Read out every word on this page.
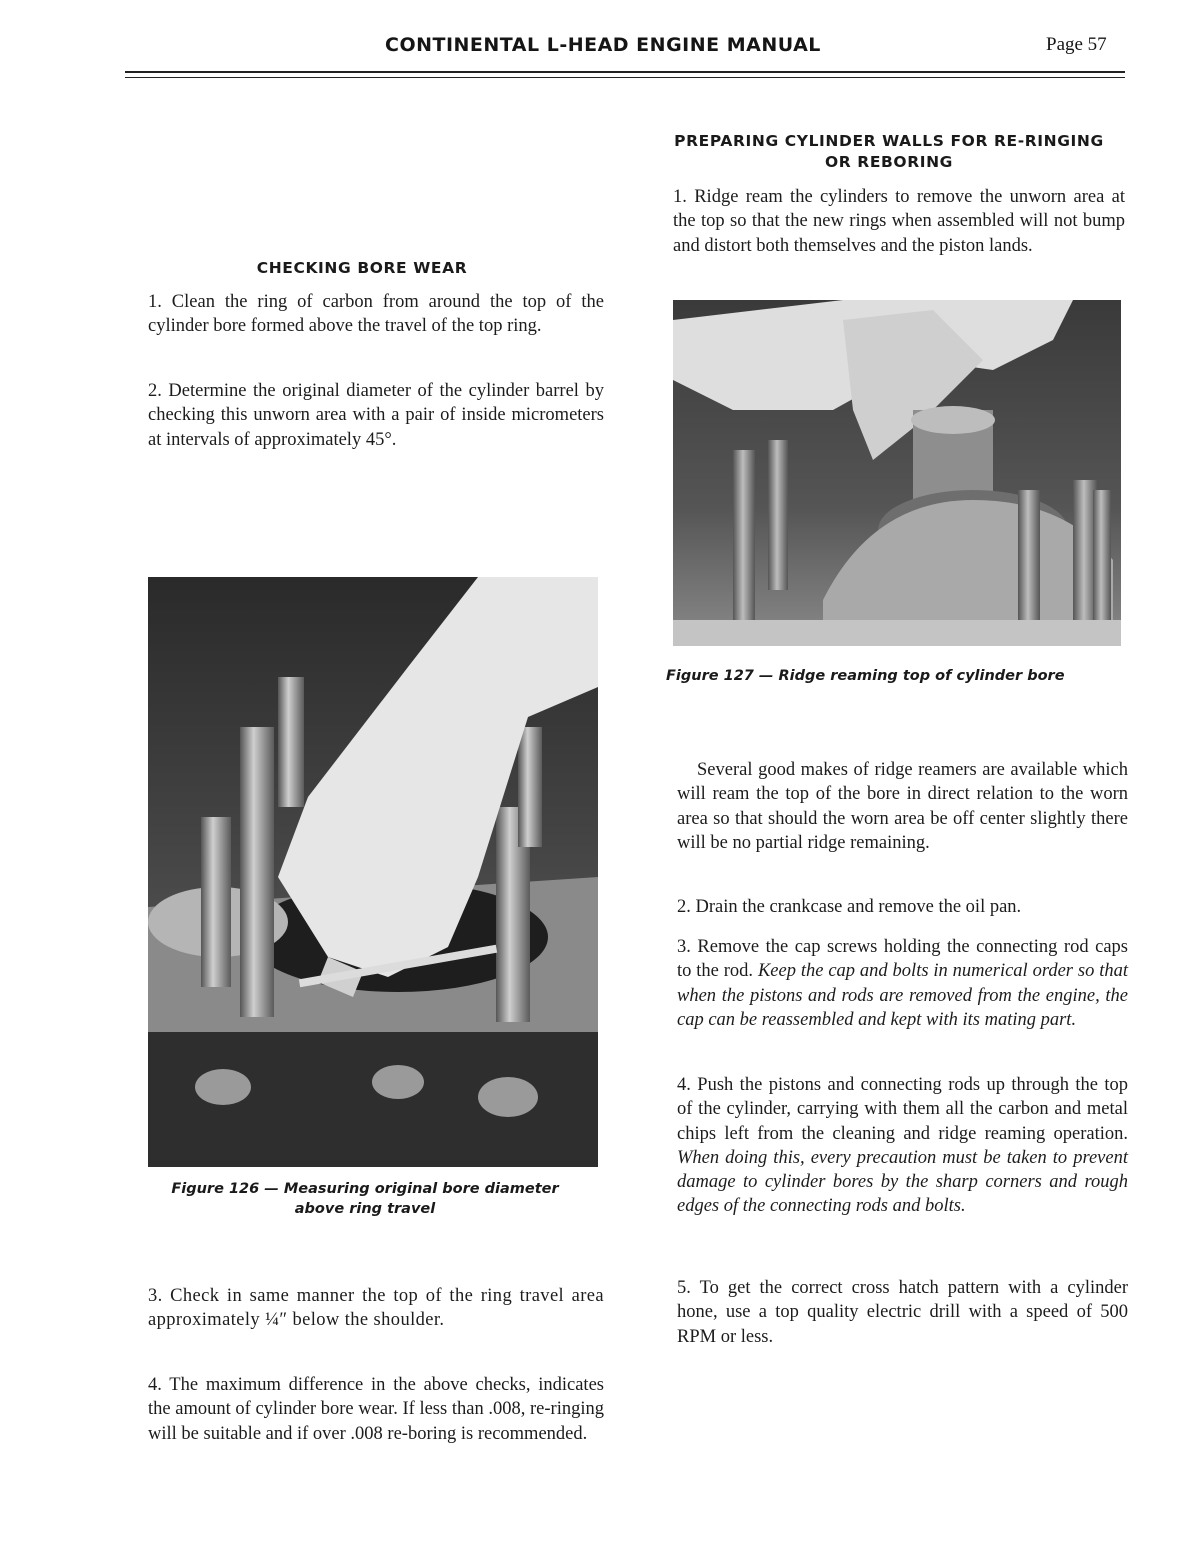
CONTINENTAL L-HEAD ENGINE MANUAL	Page 57
CHECKING BORE WEAR
1. Clean the ring of carbon from around the top of the cylinder bore formed above the travel of the top ring.
2. Determine the original diameter of the cylinder barrel by checking this unworn area with a pair of inside micrometers at intervals of approximately 45°.
Figure 126 — Measuring original bore diameter
above ring travel
3. Check in same manner the top of the ring travel area approximately ¼″ below the shoulder.
4. The maximum difference in the above checks, indicates the amount of cylinder bore wear. If less than .008, re-ringing will be suitable and if over .008 re-boring is recommended.
PREPARING CYLINDER WALLS FOR RE-RINGING
OR REBORING
1. Ridge ream the cylinders to remove the unworn area at the top so that the new rings when assembled will not bump and distort both themselves and the piston lands.
Figure 127 — Ridge reaming top of cylinder bore
Several good makes of ridge reamers are available which will ream the top of the bore in direct relation to the worn area so that should the worn area be off center slightly there will be no partial ridge remaining.
2. Drain the crankcase and remove the oil pan.
3. Remove the cap screws holding the connecting rod caps to the rod. Keep the cap and bolts in numerical order so that when the pistons and rods are removed from the engine, the cap can be reassembled and kept with its mating part.
4. Push the pistons and connecting rods up through the top of the cylinder, carrying with them all the carbon and metal chips left from the cleaning and ridge reaming operation. When doing this, every precaution must be taken to prevent damage to cylinder bores by the sharp corners and rough edges of the connecting rods and bolts.
5. To get the correct cross hatch pattern with a cylinder hone, use a top quality electric drill with a speed of 500 RPM or less.
